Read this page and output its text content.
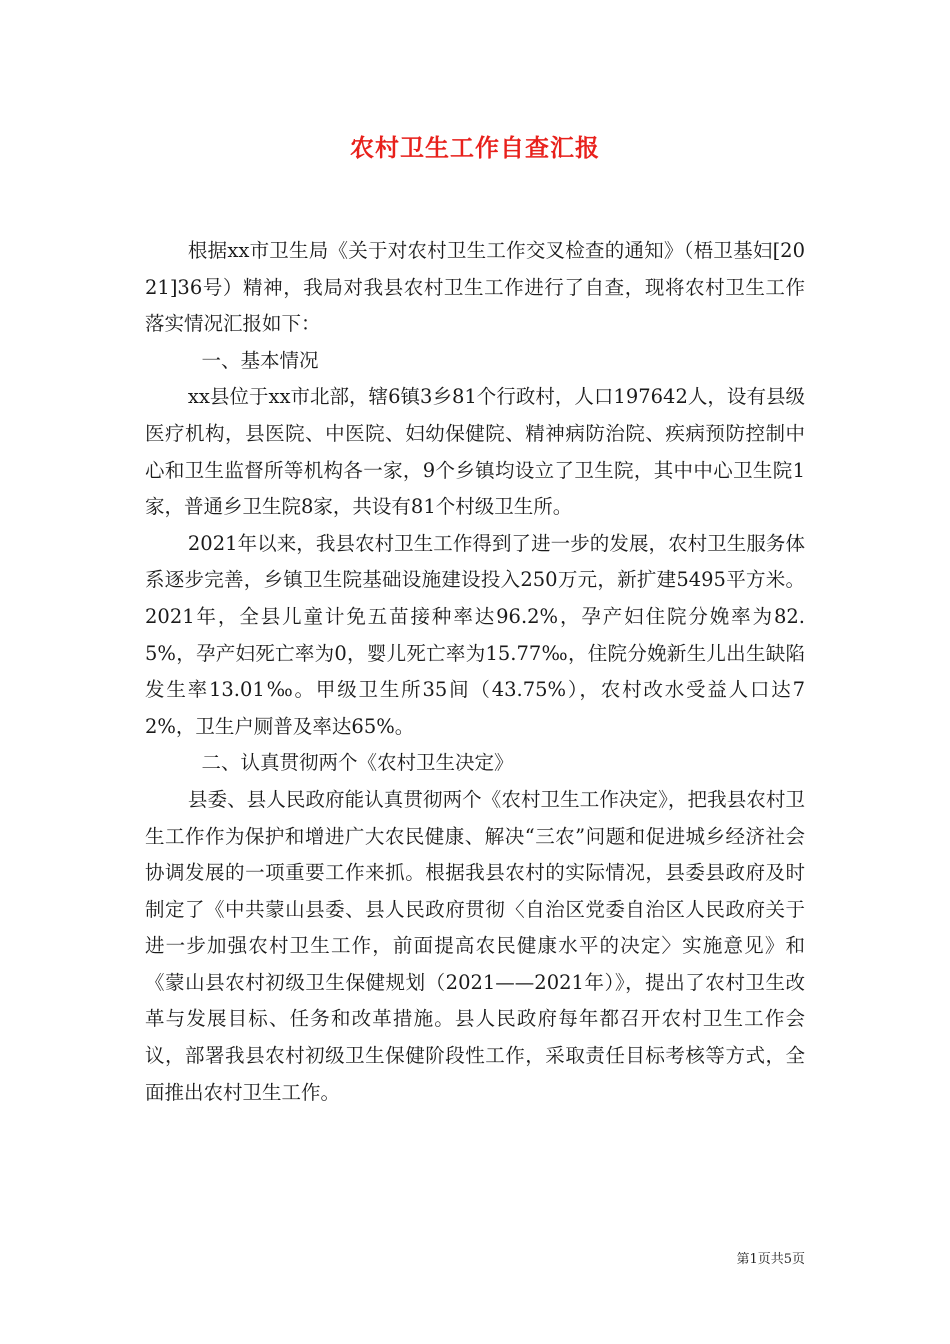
农村卫生工作自查汇报

根据xx市卫生局《关于对农村卫生工作交叉检查的通知》（梧卫基妇[2021]36号）精神，我局对我县农村卫生工作进行了自查，现将农村卫生工作落实情况汇报如下：

一、基本情况

xx县位于xx市北部，辖6镇3乡81个行政村，人口197642人，设有县级医疗机构，县医院、中医院、妇幼保健院、精神病防治院、疾病预防控制中心和卫生监督所等机构各一家，9个乡镇均设立了卫生院，其中中心卫生院1家，普通乡卫生院8家，共设有81个村级卫生所。

2021年以来，我县农村卫生工作得到了进一步的发展，农村卫生服务体系逐步完善，乡镇卫生院基础设施建设投入250万元，新扩建5495平方米。2021年，全县儿童计免五苗接种率达96.2%，孕产妇住院分娩率为82.5%，孕产妇死亡率为0，婴儿死亡率为15.77‰，住院分娩新生儿出生缺陷发生率13.01‰。甲级卫生所35间（43.75%），农村改水受益人口达72%，卫生户厕普及率达65%。

二、认真贯彻两个《农村卫生决定》

县委、县人民政府能认真贯彻两个《农村卫生工作决定》，把我县农村卫生工作作为保护和增进广大农民健康、解决“三农”问题和促进城乡经济社会协调发展的一项重要工作来抓。根据我县农村的实际情况，县委县政府及时制定了《中共蒙山县委、县人民政府贯彻〈自治区党委自治区人民政府关于进一步加强农村卫生工作，前面提高农民健康水平的决定〉实施意见》和《蒙山县农村初级卫生保健规划（2021——2021年）》，提出了农村卫生改革与发展目标、任务和改革措施。县人民政府每年都召开农村卫生工作会议，部署我县农村初级卫生保健阶段性工作，采取责任目标考核等方式，全面推出农村卫生工作。

第1页共5页
